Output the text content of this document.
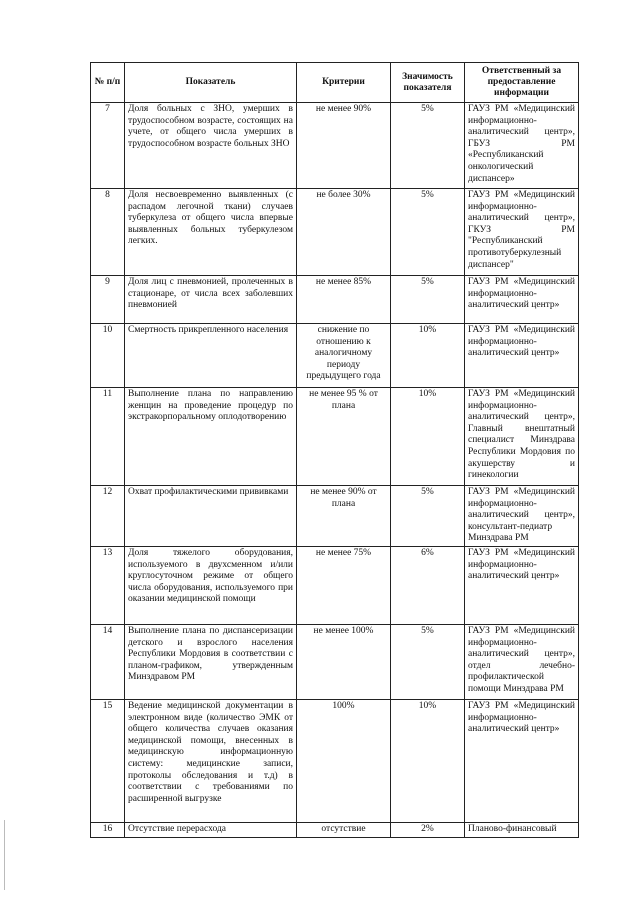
№ п/п	Показатель	Критерии	Значимость показателя	Ответственный за предоставление информации
7	Доля больных с ЗНО, умерших в трудоспособном возрасте, состоящих на учете, от общего числа умерших в трудоспособном возрасте больных ЗНО	не менее 90%	5%	ГАУЗ РМ «Медицинский информационно-аналитический центр», ГБУЗ РМ «Республиканский онкологический диспансер»
8	Доля несвоевременно выявленных (с распадом легочной ткани) случаев туберкулеза от общего числа впервые выявленных больных туберкулезом легких.	не более 30%	5%	ГАУЗ РМ «Медицинский информационно-аналитический центр», ГКУЗ РМ "Республиканский противотуберкулезный диспансер"
9	Доля лиц с пневмонией, пролеченных в стационаре, от числа всех заболевших пневмонией	не менее 85%	5%	ГАУЗ РМ «Медицинский информационно-аналитический центр»
10	Смертность прикрепленного населения	снижение по отношению к аналогичному периоду предыдущего года	10%	ГАУЗ РМ «Медицинский информационно-аналитический центр»
11	Выполнение плана по направлению женщин на проведение процедур по экстракорпоральному оплодотворению	не менее 95 % от плана	10%	ГАУЗ РМ «Медицинский информационно-аналитический центр», Главный внештатный специалист Минздрава Республики Мордовия по акушерству и гинекологии
12	Охват профилактическими прививками	не менее 90% от плана	5%	ГАУЗ РМ «Медицинский информационно-аналитический центр», консультант-педиатр Минздрава РМ
13	Доля тяжелого оборудования, используемого в двухсменном и/или круглосуточном режиме от общего числа оборудования, используемого при оказании медицинской помощи	не менее 75%	6%	ГАУЗ РМ «Медицинский информационно-аналитический центр»
14	Выполнение плана по диспансеризации детского и взрослого населения Республики Мордовия в соответствии с планом-графиком, утвержденным Минздравом РМ	не менее 100%	5%	ГАУЗ РМ «Медицинский информационно-аналитический центр», отдел лечебно-профилактической помощи Минздрава РМ
15	Ведение медицинской документации в электронном виде (количество ЭМК от общего количества случаев оказания медицинской помощи, внесенных в медицинскую информационную систему: медицинские записи, протоколы обследования и т.д) в соответствии с требованиями по расширенной выгрузке	100%	10%	ГАУЗ РМ «Медицинский информационно-аналитический центр»
16	Отсутствие перерасхода	отсутствие	2%	Планово-финансовый
